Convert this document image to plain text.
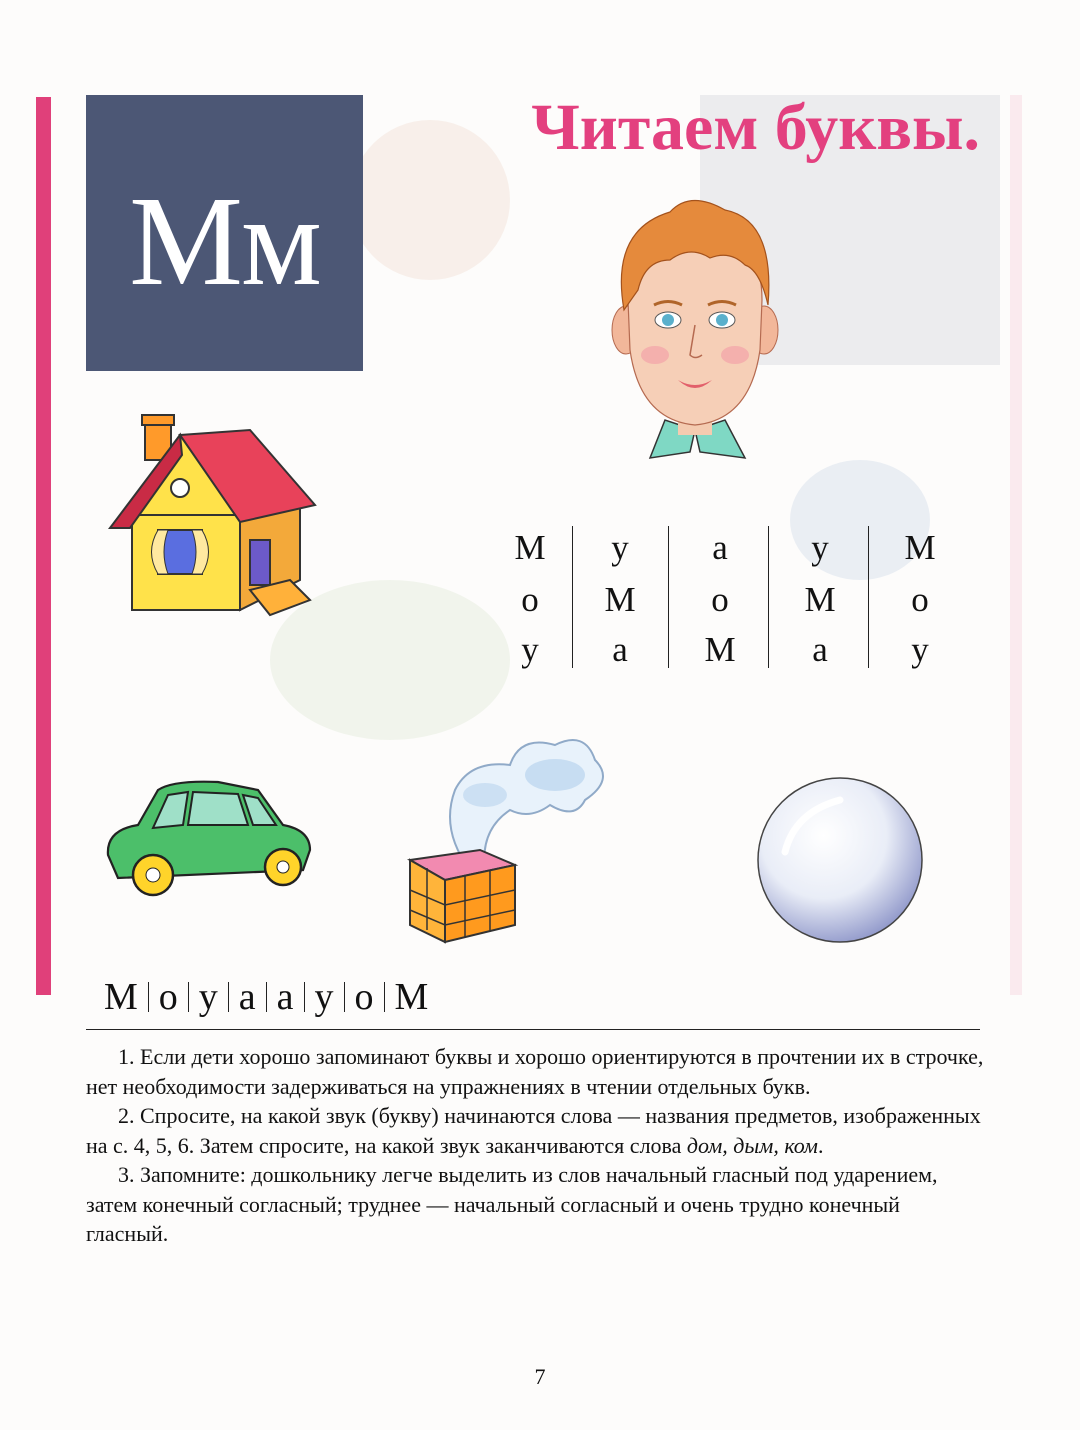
Мм
Читаем буквы.
М	у	а	у	М
о	М	о	М	о
у	а	М	а	у
М о у а а у о М

1. Если дети хорошо запоминают буквы и хорошо ориентируются в прочтении их в строчке, нет необходимости задерживаться на упражнениях в чтении отдельных букв.

2. Спросите, на какой звук (букву) начинаются слова — названия предметов, изображенных на с. 4, 5, 6. Затем спросите, на какой звук заканчиваются слова дом, дым, ком.

3. Запомните: дошкольнику легче выделить из слов начальный гласный под ударением, затем конечный согласный; труднее — начальный согласный и очень трудно конечный гласный.

7
